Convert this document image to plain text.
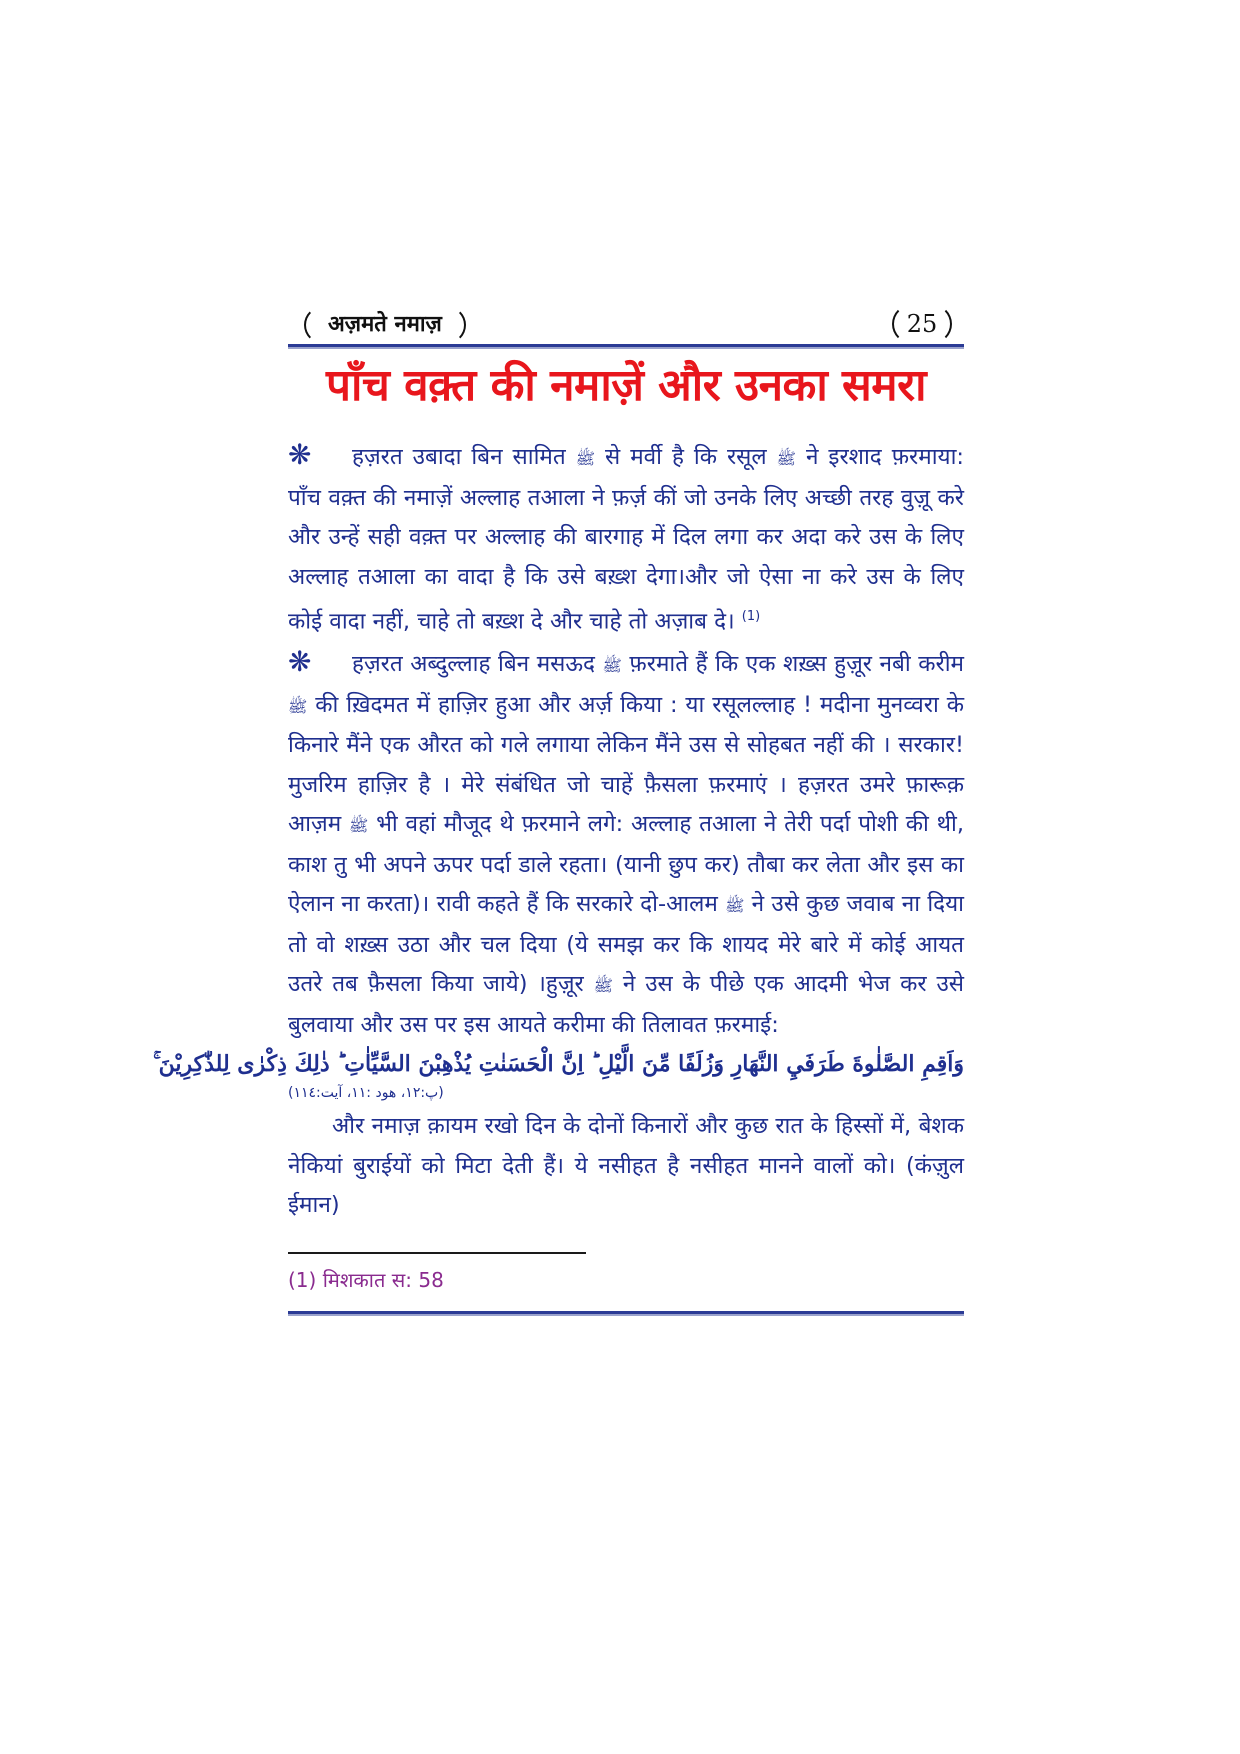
अज़मते नमाज़	25
पाँच वक़्त की नमाज़ें और उनका समरा

❋ हज़रत उबादा बिन सामित ﷺ से मर्वी है कि रसूल ﷺ ने इरशाद फ़रमाया: पाँच वक़्त की नमाज़ें अल्लाह तआला ने फ़र्ज़ कीं जो उनके लिए अच्छी तरह वुज़ू करे और उन्हें सही वक़्त पर अल्लाह की बारगाह में दिल लगा कर अदा करे उस के लिए अल्लाह तआला का वादा है कि उसे बख़्श देगा।और जो ऐसा ना करे उस के लिए कोई वादा नहीं, चाहे तो बख़्श दे और चाहे तो अज़ाब दे। $^{(1)}$

❋ हज़रत अब्दुल्लाह बिन मसऊद ﷺ फ़रमाते हैं कि एक शख़्स हुज़ूर नबी करीम ﷺ की ख़िदमत में हाज़िर हुआ और अर्ज़ किया : या रसूलल्लाह ! मदीना मुनव्वरा के किनारे मैंने एक औरत को गले लगाया लेकिन मैंने उस से सोहबत नहीं की । सरकार! मुजरिम हाज़िर है । मेरे संबंधित जो चाहें फ़ैसला फ़रमाएं । हज़रत उमरे फ़ारूक़ आज़म ﷺ भी वहां मौजूद थे फ़रमाने लगे: अल्लाह तआला ने तेरी पर्दा पोशी की थी, काश तु भी अपने ऊपर पर्दा डाले रहता। (यानी छुप कर) तौबा कर लेता और इस का ऐलान ना करता)। रावी कहते हैं कि सरकारे दो-आलम ﷺ ने उसे कुछ जवाब ना दिया तो वो शख़्स उठा और चल दिया (ये समझ कर कि शायद मेरे बारे में कोई आयत उतरे तब फ़ैसला किया जाये) ।हुज़ूर ﷺ ने उस के पीछे एक आदमी भेज कर उसे बुलवाया और उस पर इस आयते करीमा की तिलावत फ़रमाई:

وَاَقِمِ الصَّلٰوةَ طَرَفَيِ النَّهَارِ وَزُلَفًا مِّنَ الَّيْلِ ؕ اِنَّ الْحَسَنٰتِ يُذْهِبْنَ السَّيِّاٰتِ ؕ ذٰلِكَ ذِكْرٰى لِلذّٰكِرِيْنَ ۚ
(پ:۱۲، ھود :۱۱، آیت:۱۱٤)

और नमाज़ क़ायम रखो दिन के दोनों किनारों और कुछ रात के हिस्सों में, बेशक नेकियां बुराईयों को मिटा देती हैं। ये नसीहत है नसीहत मानने वालों को। (कंज़ुल ईमान)

(1) मिशकात स: 58
